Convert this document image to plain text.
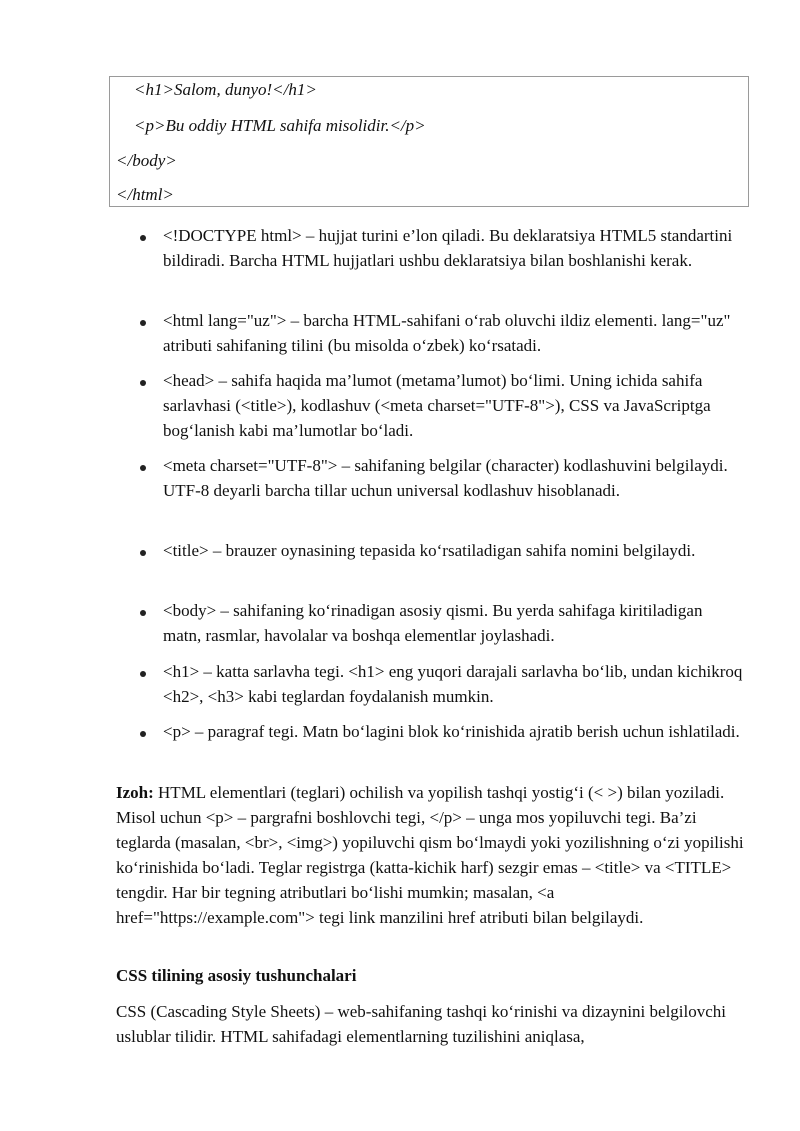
<h1>Salom, dunyo!</h1>
<p>Bu oddiy HTML sahifa misolidir.</p>
</body>
</html>
<!DOCTYPE html> – hujjat turini e’lon qiladi. Bu deklaratsiya HTML5 standartini bildiradi. Barcha HTML hujjatlari ushbu deklaratsiya bilan boshlanishi kerak.
<html lang="uz"> – barcha HTML-sahifani o‘rab oluvchi ildiz elementi. lang="uz" atributi sahifaning tilini (bu misolda o‘zbek) ko‘rsatadi.
<head> – sahifa haqida ma’lumot (metama’lumot) bo‘limi. Uning ichida sahifa sarlavhasi (<title>), kodlashuv (<meta charset="UTF-8">), CSS va JavaScriptga bog‘lanish kabi ma’lumotlar bo‘ladi.
<meta charset="UTF-8"> – sahifaning belgilar (character) kodlashuvini belgilaydi. UTF-8 deyarli barcha tillar uchun universal kodlashuv hisoblanadi.
<title> – brauzer oynasining tepasida ko‘rsatiladigan sahifa nomini belgilaydi.
<body> – sahifaning ko‘rinadigan asosiy qismi. Bu yerda sahifaga kiritiladigan matn, rasmlar, havolalar va boshqa elementlar joylashadi.
<h1> – katta sarlavha tegi. <h1> eng yuqori darajali sarlavha bo‘lib, undan kichikroq <h2>, <h3> kabi teglardan foydalanish mumkin.
<p> – paragraf tegi. Matn bo‘lagini blok ko‘rinishida ajratib berish uchun ishlatiladi.
Izoh: HTML elementlari (teglari) ochilish va yopilish tashqi yostig‘i (< >) bilan yoziladi. Misol uchun <p> – pargrafni boshlovchi tegi, </p> – unga mos yopiluvchi tegi. Ba’zi teglarda (masalan, <br>, <img>) yopiluvchi qism bo‘lmaydi yoki yozilishning o‘zi yopilishi ko‘rinishida bo‘ladi. Teglar registrga (katta-kichik harf) sezgir emas – <title> va <TITLE> tengdir. Har bir tegning atributlari bo‘lishi mumkin; masalan, <a href="https://example.com"> tegi link manzilini href atributi bilan belgilaydi.
CSS tilining asosiy tushunchalari
CSS (Cascading Style Sheets) – web-sahifaning tashqi ko‘rinishi va dizaynini belgilovchi uslublar tilidir. HTML sahifadagi elementlarning tuzilishini aniqlasa,
